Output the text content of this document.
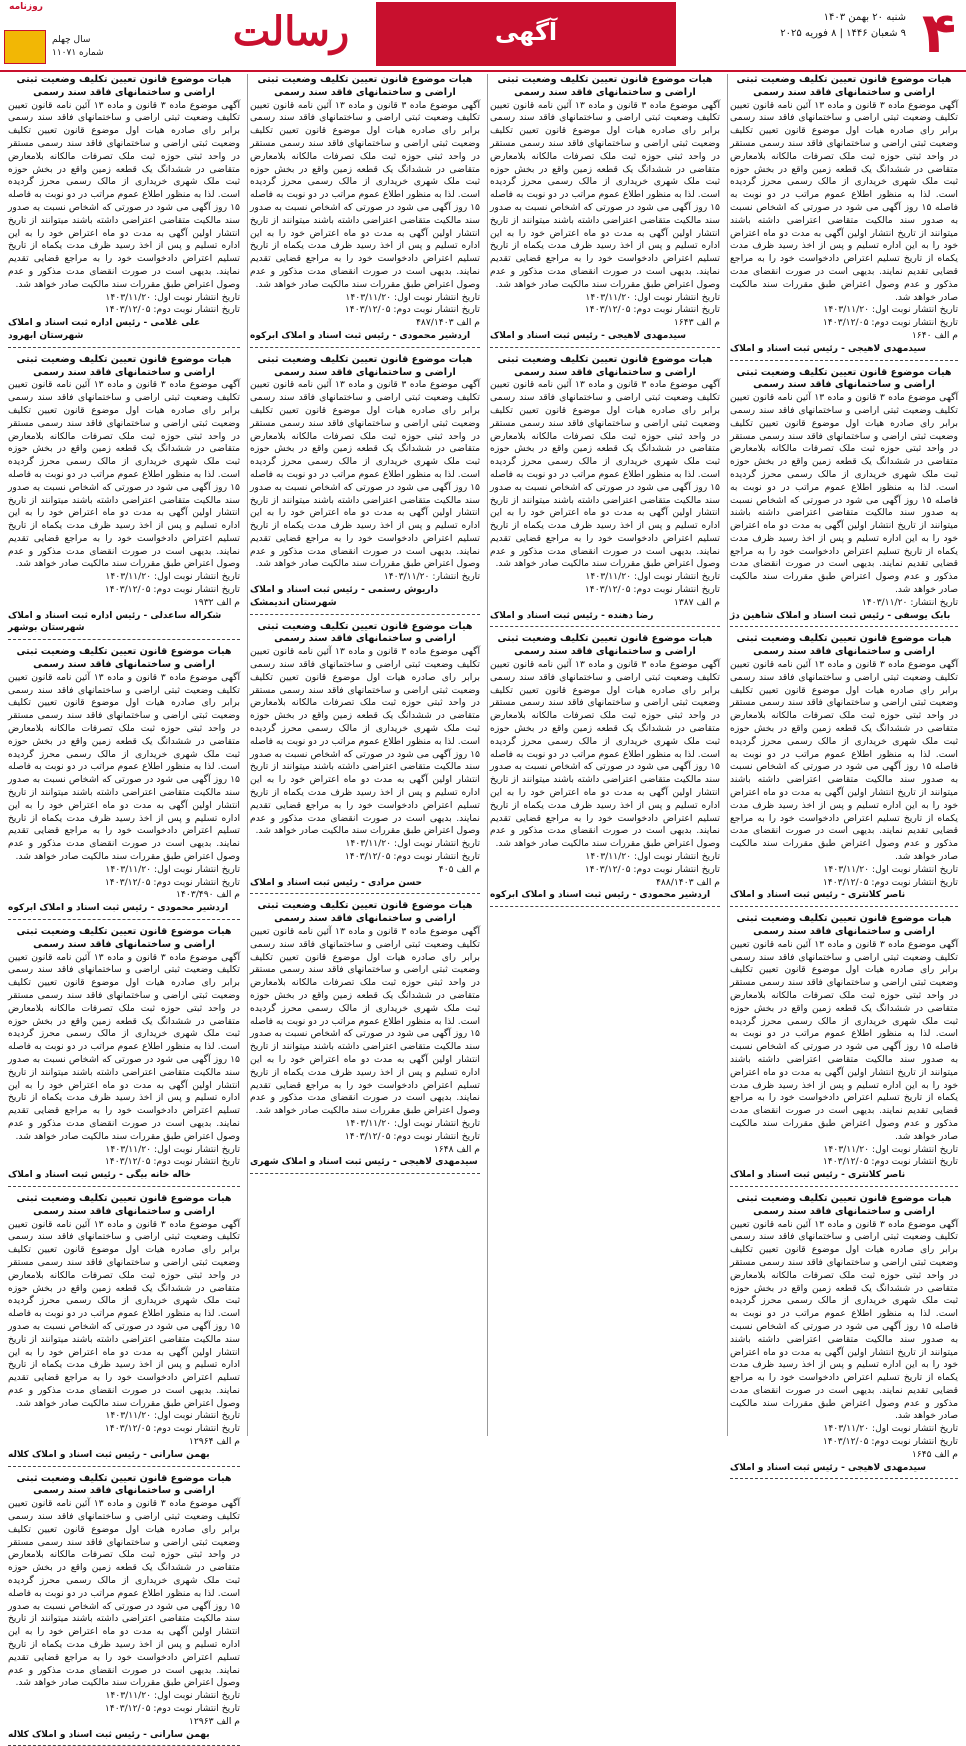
۴
شنبه ۲۰ بهمن ۱۴۰۳
۹ شعبان ۱۴۴۶ | ۸ فوریه ۲۰۲۵
آگهی
رسالت
روزنامه
سال چهلم
شماره ۱۱۰۷۱
هیات موضوع قانون تعیین تکلیف وضعیت ثبتی اراضی و ساختمانهای فاقد سند رسمی
آگهی موضوع ماده ۳ قانون و ماده ۱۳ آئین نامه قانون تعیین تکلیف وضعیت ثبتی اراضی و ساختمانهای فاقد سند رسمی برابر رای صادره هیات اول موضوع قانون تعیین تکلیف وضعیت ثبتی اراضی و ساختمانهای فاقد سند رسمی مستقر در واحد ثبتی حوزه ثبت ملک تصرفات مالکانه بلامعارض متقاضی در ششدانگ یک قطعه زمین واقع در بخش حوزه ثبت ملک شهری خریداری از مالک رسمی محرز گردیده است. لذا به منظور اطلاع عموم مراتب در دو نوبت به فاصله ۱۵ روز آگهی می شود در صورتی که اشخاص نسبت به صدور سند مالکیت متقاضی اعتراضی داشته باشند میتوانند از تاریخ انتشار اولین آگهی به مدت دو ماه اعتراض خود را به این اداره تسلیم و پس از اخذ رسید ظرف مدت یکماه از تاریخ تسلیم اعتراض دادخواست خود را به مراجع قضایی تقدیم نمایند. بدیهی است در صورت انقضای مدت مذکور و عدم وصول اعتراض طبق مقررات سند مالکیت صادر خواهد شد.
تاریخ انتشار نوبت اول: ۱۴۰۳/۱۱/۲۰
تاریخ انتشار نوبت دوم: ۱۴۰۳/۱۲/۰۵
م الف ۱۶۴۰
سیدمهدی لاهیجی - رئیس ثبت اسناد و املاک
هیات موضوع قانون تعیین تکلیف وضعیت ثبتی اراضی و ساختمانهای فاقد سند رسمی
آگهی موضوع ماده ۳ قانون و ماده ۱۳ آئین نامه قانون تعیین تکلیف وضعیت ثبتی اراضی و ساختمانهای فاقد سند رسمی برابر رای صادره هیات اول موضوع قانون تعیین تکلیف وضعیت ثبتی اراضی و ساختمانهای فاقد سند رسمی مستقر در واحد ثبتی حوزه ثبت ملک تصرفات مالکانه بلامعارض متقاضی در ششدانگ یک قطعه زمین واقع در بخش حوزه ثبت ملک شهری خریداری از مالک رسمی محرز گردیده است. لذا به منظور اطلاع عموم مراتب در دو نوبت به فاصله ۱۵ روز آگهی می شود در صورتی که اشخاص نسبت به صدور سند مالکیت متقاضی اعتراضی داشته باشند میتوانند از تاریخ انتشار اولین آگهی به مدت دو ماه اعتراض خود را به این اداره تسلیم و پس از اخذ رسید ظرف مدت یکماه از تاریخ تسلیم اعتراض دادخواست خود را به مراجع قضایی تقدیم نمایند. بدیهی است در صورت انقضای مدت مذکور و عدم وصول اعتراض طبق مقررات سند مالکیت صادر خواهد شد.
تاریخ انتشار: ۱۴۰۳/۱۱/۲۰
بابک یوسفی - رئیس ثبت اسناد و املاک شاهین دژ
هیات موضوع قانون تعیین تکلیف وضعیت ثبتی اراضی و ساختمانهای فاقد سند رسمی
آگهی موضوع ماده ۳ قانون و ماده ۱۳ آئین نامه قانون تعیین تکلیف وضعیت ثبتی اراضی و ساختمانهای فاقد سند رسمی برابر رای صادره هیات اول موضوع قانون تعیین تکلیف وضعیت ثبتی اراضی و ساختمانهای فاقد سند رسمی مستقر در واحد ثبتی حوزه ثبت ملک تصرفات مالکانه بلامعارض متقاضی در ششدانگ یک قطعه زمین واقع در بخش حوزه ثبت ملک شهری خریداری از مالک رسمی محرز گردیده است. لذا به منظور اطلاع عموم مراتب در دو نوبت به فاصله ۱۵ روز آگهی می شود در صورتی که اشخاص نسبت به صدور سند مالکیت متقاضی اعتراضی داشته باشند میتوانند از تاریخ انتشار اولین آگهی به مدت دو ماه اعتراض خود را به این اداره تسلیم و پس از اخذ رسید ظرف مدت یکماه از تاریخ تسلیم اعتراض دادخواست خود را به مراجع قضایی تقدیم نمایند. بدیهی است در صورت انقضای مدت مذکور و عدم وصول اعتراض طبق مقررات سند مالکیت صادر خواهد شد.
تاریخ انتشار نوبت اول: ۱۴۰۳/۱۱/۲۰
تاریخ انتشار نوبت دوم: ۱۴۰۳/۱۲/۰۵
ناصر کلانتری - رئیس ثبت اسناد و املاک
هیات موضوع قانون تعیین تکلیف وضعیت ثبتی اراضی و ساختمانهای فاقد سند رسمی
آگهی موضوع ماده ۳ قانون و ماده ۱۳ آئین نامه قانون تعیین تکلیف وضعیت ثبتی اراضی و ساختمانهای فاقد سند رسمی برابر رای صادره هیات اول موضوع قانون تعیین تکلیف وضعیت ثبتی اراضی و ساختمانهای فاقد سند رسمی مستقر در واحد ثبتی حوزه ثبت ملک تصرفات مالکانه بلامعارض متقاضی در ششدانگ یک قطعه زمین واقع در بخش حوزه ثبت ملک شهری خریداری از مالک رسمی محرز گردیده است. لذا به منظور اطلاع عموم مراتب در دو نوبت به فاصله ۱۵ روز آگهی می شود در صورتی که اشخاص نسبت به صدور سند مالکیت متقاضی اعتراضی داشته باشند میتوانند از تاریخ انتشار اولین آگهی به مدت دو ماه اعتراض خود را به این اداره تسلیم و پس از اخذ رسید ظرف مدت یکماه از تاریخ تسلیم اعتراض دادخواست خود را به مراجع قضایی تقدیم نمایند. بدیهی است در صورت انقضای مدت مذکور و عدم وصول اعتراض طبق مقررات سند مالکیت صادر خواهد شد.
تاریخ انتشار نوبت اول: ۱۴۰۳/۱۱/۲۰
تاریخ انتشار نوبت دوم: ۱۴۰۳/۱۲/۰۵
ناصر کلانتری - رئیس ثبت اسناد و املاک
هیات موضوع قانون تعیین تکلیف وضعیت ثبتی اراضی و ساختمانهای فاقد سند رسمی
آگهی موضوع ماده ۳ قانون و ماده ۱۳ آئین نامه قانون تعیین تکلیف وضعیت ثبتی اراضی و ساختمانهای فاقد سند رسمی برابر رای صادره هیات اول موضوع قانون تعیین تکلیف وضعیت ثبتی اراضی و ساختمانهای فاقد سند رسمی مستقر در واحد ثبتی حوزه ثبت ملک تصرفات مالکانه بلامعارض متقاضی در ششدانگ یک قطعه زمین واقع در بخش حوزه ثبت ملک شهری خریداری از مالک رسمی محرز گردیده است. لذا به منظور اطلاع عموم مراتب در دو نوبت به فاصله ۱۵ روز آگهی می شود در صورتی که اشخاص نسبت به صدور سند مالکیت متقاضی اعتراضی داشته باشند میتوانند از تاریخ انتشار اولین آگهی به مدت دو ماه اعتراض خود را به این اداره تسلیم و پس از اخذ رسید ظرف مدت یکماه از تاریخ تسلیم اعتراض دادخواست خود را به مراجع قضایی تقدیم نمایند. بدیهی است در صورت انقضای مدت مذکور و عدم وصول اعتراض طبق مقررات سند مالکیت صادر خواهد شد.
تاریخ انتشار نوبت اول: ۱۴۰۳/۱۱/۲۰
تاریخ انتشار نوبت دوم: ۱۴۰۳/۱۲/۰۵
م الف ۱۶۴۵
سیدمهدی لاهیجی - رئیس ثبت اسناد و املاک
هیات موضوع قانون تعیین تکلیف وضعیت ثبتی اراضی و ساختمانهای فاقد سند رسمی
آگهی موضوع ماده ۳ قانون و ماده ۱۳ آئین نامه قانون تعیین تکلیف وضعیت ثبتی اراضی و ساختمانهای فاقد سند رسمی برابر رای صادره هیات اول موضوع قانون تعیین تکلیف وضعیت ثبتی اراضی و ساختمانهای فاقد سند رسمی مستقر در واحد ثبتی حوزه ثبت ملک تصرفات مالکانه بلامعارض متقاضی در ششدانگ یک قطعه زمین واقع در بخش حوزه ثبت ملک شهری خریداری از مالک رسمی محرز گردیده است. لذا به منظور اطلاع عموم مراتب در دو نوبت به فاصله ۱۵ روز آگهی می شود در صورتی که اشخاص نسبت به صدور سند مالکیت متقاضی اعتراضی داشته باشند میتوانند از تاریخ انتشار اولین آگهی به مدت دو ماه اعتراض خود را به این اداره تسلیم و پس از اخذ رسید ظرف مدت یکماه از تاریخ تسلیم اعتراض دادخواست خود را به مراجع قضایی تقدیم نمایند. بدیهی است در صورت انقضای مدت مذکور و عدم وصول اعتراض طبق مقررات سند مالکیت صادر خواهد شد.
تاریخ انتشار نوبت اول: ۱۴۰۳/۱۱/۲۰
تاریخ انتشار نوبت دوم: ۱۴۰۳/۱۲/۰۵
م الف ۱۶۴۳
سیدمهدی لاهیجی - رئیس ثبت اسناد و املاک
هیات موضوع قانون تعیین تکلیف وضعیت ثبتی اراضی و ساختمانهای فاقد سند رسمی
آگهی موضوع ماده ۳ قانون و ماده ۱۳ آئین نامه قانون تعیین تکلیف وضعیت ثبتی اراضی و ساختمانهای فاقد سند رسمی برابر رای صادره هیات اول موضوع قانون تعیین تکلیف وضعیت ثبتی اراضی و ساختمانهای فاقد سند رسمی مستقر در واحد ثبتی حوزه ثبت ملک تصرفات مالکانه بلامعارض متقاضی در ششدانگ یک قطعه زمین واقع در بخش حوزه ثبت ملک شهری خریداری از مالک رسمی محرز گردیده است. لذا به منظور اطلاع عموم مراتب در دو نوبت به فاصله ۱۵ روز آگهی می شود در صورتی که اشخاص نسبت به صدور سند مالکیت متقاضی اعتراضی داشته باشند میتوانند از تاریخ انتشار اولین آگهی به مدت دو ماه اعتراض خود را به این اداره تسلیم و پس از اخذ رسید ظرف مدت یکماه از تاریخ تسلیم اعتراض دادخواست خود را به مراجع قضایی تقدیم نمایند. بدیهی است در صورت انقضای مدت مذکور و عدم وصول اعتراض طبق مقررات سند مالکیت صادر خواهد شد.
تاریخ انتشار نوبت اول: ۱۴۰۳/۱۱/۲۰
تاریخ انتشار نوبت دوم: ۱۴۰۳/۱۲/۰۵
م الف ۱۳۸۷
رضا دهنده - رئیس ثبت اسناد و املاک
هیات موضوع قانون تعیین تکلیف وضعیت ثبتی اراضی و ساختمانهای فاقد سند رسمی
آگهی موضوع ماده ۳ قانون و ماده ۱۳ آئین نامه قانون تعیین تکلیف وضعیت ثبتی اراضی و ساختمانهای فاقد سند رسمی برابر رای صادره هیات اول موضوع قانون تعیین تکلیف وضعیت ثبتی اراضی و ساختمانهای فاقد سند رسمی مستقر در واحد ثبتی حوزه ثبت ملک تصرفات مالکانه بلامعارض متقاضی در ششدانگ یک قطعه زمین واقع در بخش حوزه ثبت ملک شهری خریداری از مالک رسمی محرز گردیده است. لذا به منظور اطلاع عموم مراتب در دو نوبت به فاصله ۱۵ روز آگهی می شود در صورتی که اشخاص نسبت به صدور سند مالکیت متقاضی اعتراضی داشته باشند میتوانند از تاریخ انتشار اولین آگهی به مدت دو ماه اعتراض خود را به این اداره تسلیم و پس از اخذ رسید ظرف مدت یکماه از تاریخ تسلیم اعتراض دادخواست خود را به مراجع قضایی تقدیم نمایند. بدیهی است در صورت انقضای مدت مذکور و عدم وصول اعتراض طبق مقررات سند مالکیت صادر خواهد شد.
تاریخ انتشار نوبت اول: ۱۴۰۳/۱۱/۲۰
تاریخ انتشار نوبت دوم: ۱۴۰۳/۱۲/۰۵
م الف ۴۸۸/۱۴۰۳
اردشیر محمودی - رئیس ثبت اسناد و املاک ابرکوه
هیات موضوع قانون تعیین تکلیف وضعیت ثبتی اراضی و ساختمانهای فاقد سند رسمی
آگهی موضوع ماده ۳ قانون و ماده ۱۳ آئین نامه قانون تعیین تکلیف وضعیت ثبتی اراضی و ساختمانهای فاقد سند رسمی برابر رای صادره هیات اول موضوع قانون تعیین تکلیف وضعیت ثبتی اراضی و ساختمانهای فاقد سند رسمی مستقر در واحد ثبتی حوزه ثبت ملک تصرفات مالکانه بلامعارض متقاضی در ششدانگ یک قطعه زمین واقع در بخش حوزه ثبت ملک شهری خریداری از مالک رسمی محرز گردیده است. لذا به منظور اطلاع عموم مراتب در دو نوبت به فاصله ۱۵ روز آگهی می شود در صورتی که اشخاص نسبت به صدور سند مالکیت متقاضی اعتراضی داشته باشند میتوانند از تاریخ انتشار اولین آگهی به مدت دو ماه اعتراض خود را به این اداره تسلیم و پس از اخذ رسید ظرف مدت یکماه از تاریخ تسلیم اعتراض دادخواست خود را به مراجع قضایی تقدیم نمایند. بدیهی است در صورت انقضای مدت مذکور و عدم وصول اعتراض طبق مقررات سند مالکیت صادر خواهد شد.
تاریخ انتشار نوبت اول: ۱۴۰۳/۱۱/۲۰
تاریخ انتشار نوبت دوم: ۱۴۰۳/۱۲/۰۵
م الف ۴۸۷/۱۴۰۳
اردشیر محمودی - رئیس ثبت اسناد و املاک ابرکوه
هیات موضوع قانون تعیین تکلیف وضعیت ثبتی اراضی و ساختمانهای فاقد سند رسمی
آگهی موضوع ماده ۳ قانون و ماده ۱۳ آئین نامه قانون تعیین تکلیف وضعیت ثبتی اراضی و ساختمانهای فاقد سند رسمی برابر رای صادره هیات اول موضوع قانون تعیین تکلیف وضعیت ثبتی اراضی و ساختمانهای فاقد سند رسمی مستقر در واحد ثبتی حوزه ثبت ملک تصرفات مالکانه بلامعارض متقاضی در ششدانگ یک قطعه زمین واقع در بخش حوزه ثبت ملک شهری خریداری از مالک رسمی محرز گردیده است. لذا به منظور اطلاع عموم مراتب در دو نوبت به فاصله ۱۵ روز آگهی می شود در صورتی که اشخاص نسبت به صدور سند مالکیت متقاضی اعتراضی داشته باشند میتوانند از تاریخ انتشار اولین آگهی به مدت دو ماه اعتراض خود را به این اداره تسلیم و پس از اخذ رسید ظرف مدت یکماه از تاریخ تسلیم اعتراض دادخواست خود را به مراجع قضایی تقدیم نمایند. بدیهی است در صورت انقضای مدت مذکور و عدم وصول اعتراض طبق مقررات سند مالکیت صادر خواهد شد.
تاریخ انتشار: ۱۴۰۳/۱۱/۲۰
داریوش رستمی - رئیس ثبت اسناد و املاک شهرستان اندیمشک
هیات موضوع قانون تعیین تکلیف وضعیت ثبتی اراضی و ساختمانهای فاقد سند رسمی
آگهی موضوع ماده ۳ قانون و ماده ۱۳ آئین نامه قانون تعیین تکلیف وضعیت ثبتی اراضی و ساختمانهای فاقد سند رسمی برابر رای صادره هیات اول موضوع قانون تعیین تکلیف وضعیت ثبتی اراضی و ساختمانهای فاقد سند رسمی مستقر در واحد ثبتی حوزه ثبت ملک تصرفات مالکانه بلامعارض متقاضی در ششدانگ یک قطعه زمین واقع در بخش حوزه ثبت ملک شهری خریداری از مالک رسمی محرز گردیده است. لذا به منظور اطلاع عموم مراتب در دو نوبت به فاصله ۱۵ روز آگهی می شود در صورتی که اشخاص نسبت به صدور سند مالکیت متقاضی اعتراضی داشته باشند میتوانند از تاریخ انتشار اولین آگهی به مدت دو ماه اعتراض خود را به این اداره تسلیم و پس از اخذ رسید ظرف مدت یکماه از تاریخ تسلیم اعتراض دادخواست خود را به مراجع قضایی تقدیم نمایند. بدیهی است در صورت انقضای مدت مذکور و عدم وصول اعتراض طبق مقررات سند مالکیت صادر خواهد شد.
تاریخ انتشار نوبت اول: ۱۴۰۳/۱۱/۲۰
تاریخ انتشار نوبت دوم: ۱۴۰۳/۱۲/۰۵
م الف ۴۰۵
حسن مرادی - رئیس ثبت اسناد و املاک
هیات موضوع قانون تعیین تکلیف وضعیت ثبتی اراضی و ساختمانهای فاقد سند رسمی
آگهی موضوع ماده ۳ قانون و ماده ۱۳ آئین نامه قانون تعیین تکلیف وضعیت ثبتی اراضی و ساختمانهای فاقد سند رسمی برابر رای صادره هیات اول موضوع قانون تعیین تکلیف وضعیت ثبتی اراضی و ساختمانهای فاقد سند رسمی مستقر در واحد ثبتی حوزه ثبت ملک تصرفات مالکانه بلامعارض متقاضی در ششدانگ یک قطعه زمین واقع در بخش حوزه ثبت ملک شهری خریداری از مالک رسمی محرز گردیده است. لذا به منظور اطلاع عموم مراتب در دو نوبت به فاصله ۱۵ روز آگهی می شود در صورتی که اشخاص نسبت به صدور سند مالکیت متقاضی اعتراضی داشته باشند میتوانند از تاریخ انتشار اولین آگهی به مدت دو ماه اعتراض خود را به این اداره تسلیم و پس از اخذ رسید ظرف مدت یکماه از تاریخ تسلیم اعتراض دادخواست خود را به مراجع قضایی تقدیم نمایند. بدیهی است در صورت انقضای مدت مذکور و عدم وصول اعتراض طبق مقررات سند مالکیت صادر خواهد شد.
تاریخ انتشار نوبت اول: ۱۴۰۳/۱۱/۲۰
تاریخ انتشار نوبت دوم: ۱۴۰۳/۱۲/۰۵
م الف ۱۶۴۸
سیدمهدی لاهیجی - رئیس ثبت اسناد و املاک شهری
هیات موضوع قانون تعیین تکلیف وضعیت ثبتی اراضی و ساختمانهای فاقد سند رسمی
آگهی موضوع ماده ۳ قانون و ماده ۱۳ آئین نامه قانون تعیین تکلیف وضعیت ثبتی اراضی و ساختمانهای فاقد سند رسمی برابر رای صادره هیات اول موضوع قانون تعیین تکلیف وضعیت ثبتی اراضی و ساختمانهای فاقد سند رسمی مستقر در واحد ثبتی حوزه ثبت ملک تصرفات مالکانه بلامعارض متقاضی در ششدانگ یک قطعه زمین واقع در بخش حوزه ثبت ملک شهری خریداری از مالک رسمی محرز گردیده است. لذا به منظور اطلاع عموم مراتب در دو نوبت به فاصله ۱۵ روز آگهی می شود در صورتی که اشخاص نسبت به صدور سند مالکیت متقاضی اعتراضی داشته باشند میتوانند از تاریخ انتشار اولین آگهی به مدت دو ماه اعتراض خود را به این اداره تسلیم و پس از اخذ رسید ظرف مدت یکماه از تاریخ تسلیم اعتراض دادخواست خود را به مراجع قضایی تقدیم نمایند. بدیهی است در صورت انقضای مدت مذکور و عدم وصول اعتراض طبق مقررات سند مالکیت صادر خواهد شد.
تاریخ انتشار نوبت اول: ۱۴۰۳/۱۱/۲۰
تاریخ انتشار نوبت دوم: ۱۴۰۳/۱۲/۰۵
علی غلامی - رئیس اداره ثبت اسناد و املاک شهرستان ابهرود
هیات موضوع قانون تعیین تکلیف وضعیت ثبتی اراضی و ساختمانهای فاقد سند رسمی
آگهی موضوع ماده ۳ قانون و ماده ۱۳ آئین نامه قانون تعیین تکلیف وضعیت ثبتی اراضی و ساختمانهای فاقد سند رسمی برابر رای صادره هیات اول موضوع قانون تعیین تکلیف وضعیت ثبتی اراضی و ساختمانهای فاقد سند رسمی مستقر در واحد ثبتی حوزه ثبت ملک تصرفات مالکانه بلامعارض متقاضی در ششدانگ یک قطعه زمین واقع در بخش حوزه ثبت ملک شهری خریداری از مالک رسمی محرز گردیده است. لذا به منظور اطلاع عموم مراتب در دو نوبت به فاصله ۱۵ روز آگهی می شود در صورتی که اشخاص نسبت به صدور سند مالکیت متقاضی اعتراضی داشته باشند میتوانند از تاریخ انتشار اولین آگهی به مدت دو ماه اعتراض خود را به این اداره تسلیم و پس از اخذ رسید ظرف مدت یکماه از تاریخ تسلیم اعتراض دادخواست خود را به مراجع قضایی تقدیم نمایند. بدیهی است در صورت انقضای مدت مذکور و عدم وصول اعتراض طبق مقررات سند مالکیت صادر خواهد شد.
تاریخ انتشار نوبت اول: ۱۴۰۳/۱۱/۲۰
تاریخ انتشار نوبت دوم: ۱۴۰۳/۱۲/۰۵
م الف ۱۹۳۲
شکراله ساعدلی - رئیس اداره ثبت اسناد و املاک شهرستان بوشهر
هیات موضوع قانون تعیین تکلیف وضعیت ثبتی اراضی و ساختمانهای فاقد سند رسمی
آگهی موضوع ماده ۳ قانون و ماده ۱۳ آئین نامه قانون تعیین تکلیف وضعیت ثبتی اراضی و ساختمانهای فاقد سند رسمی برابر رای صادره هیات اول موضوع قانون تعیین تکلیف وضعیت ثبتی اراضی و ساختمانهای فاقد سند رسمی مستقر در واحد ثبتی حوزه ثبت ملک تصرفات مالکانه بلامعارض متقاضی در ششدانگ یک قطعه زمین واقع در بخش حوزه ثبت ملک شهری خریداری از مالک رسمی محرز گردیده است. لذا به منظور اطلاع عموم مراتب در دو نوبت به فاصله ۱۵ روز آگهی می شود در صورتی که اشخاص نسبت به صدور سند مالکیت متقاضی اعتراضی داشته باشند میتوانند از تاریخ انتشار اولین آگهی به مدت دو ماه اعتراض خود را به این اداره تسلیم و پس از اخذ رسید ظرف مدت یکماه از تاریخ تسلیم اعتراض دادخواست خود را به مراجع قضایی تقدیم نمایند. بدیهی است در صورت انقضای مدت مذکور و عدم وصول اعتراض طبق مقررات سند مالکیت صادر خواهد شد.
تاریخ انتشار نوبت اول: ۱۴۰۳/۱۱/۲۰
تاریخ انتشار نوبت دوم: ۱۴۰۳/۱۲/۰۵
م الف ۱۴۰۳/۴۹۰
اردشیر محمودی - رئیس ثبت اسناد و املاک ابرکوه
هیات موضوع قانون تعیین تکلیف وضعیت ثبتی اراضی و ساختمانهای فاقد سند رسمی
آگهی موضوع ماده ۳ قانون و ماده ۱۳ آئین نامه قانون تعیین تکلیف وضعیت ثبتی اراضی و ساختمانهای فاقد سند رسمی برابر رای صادره هیات اول موضوع قانون تعیین تکلیف وضعیت ثبتی اراضی و ساختمانهای فاقد سند رسمی مستقر در واحد ثبتی حوزه ثبت ملک تصرفات مالکانه بلامعارض متقاضی در ششدانگ یک قطعه زمین واقع در بخش حوزه ثبت ملک شهری خریداری از مالک رسمی محرز گردیده است. لذا به منظور اطلاع عموم مراتب در دو نوبت به فاصله ۱۵ روز آگهی می شود در صورتی که اشخاص نسبت به صدور سند مالکیت متقاضی اعتراضی داشته باشند میتوانند از تاریخ انتشار اولین آگهی به مدت دو ماه اعتراض خود را به این اداره تسلیم و پس از اخذ رسید ظرف مدت یکماه از تاریخ تسلیم اعتراض دادخواست خود را به مراجع قضایی تقدیم نمایند. بدیهی است در صورت انقضای مدت مذکور و عدم وصول اعتراض طبق مقررات سند مالکیت صادر خواهد شد.
تاریخ انتشار نوبت اول: ۱۴۰۳/۱۱/۲۰
تاریخ انتشار نوبت دوم: ۱۴۰۳/۱۲/۰۵
خاله خانه بیگی - رئیس ثبت اسناد و املاک
هیات موضوع قانون تعیین تکلیف وضعیت ثبتی اراضی و ساختمانهای فاقد سند رسمی
آگهی موضوع ماده ۳ قانون و ماده ۱۳ آئین نامه قانون تعیین تکلیف وضعیت ثبتی اراضی و ساختمانهای فاقد سند رسمی برابر رای صادره هیات اول موضوع قانون تعیین تکلیف وضعیت ثبتی اراضی و ساختمانهای فاقد سند رسمی مستقر در واحد ثبتی حوزه ثبت ملک تصرفات مالکانه بلامعارض متقاضی در ششدانگ یک قطعه زمین واقع در بخش حوزه ثبت ملک شهری خریداری از مالک رسمی محرز گردیده است. لذا به منظور اطلاع عموم مراتب در دو نوبت به فاصله ۱۵ روز آگهی می شود در صورتی که اشخاص نسبت به صدور سند مالکیت متقاضی اعتراضی داشته باشند میتوانند از تاریخ انتشار اولین آگهی به مدت دو ماه اعتراض خود را به این اداره تسلیم و پس از اخذ رسید ظرف مدت یکماه از تاریخ تسلیم اعتراض دادخواست خود را به مراجع قضایی تقدیم نمایند. بدیهی است در صورت انقضای مدت مذکور و عدم وصول اعتراض طبق مقررات سند مالکیت صادر خواهد شد.
تاریخ انتشار نوبت اول: ۱۴۰۳/۱۱/۲۰
تاریخ انتشار نوبت دوم: ۱۴۰۳/۱۲/۰۵
م الف ۱۲۹۶۴
بهمن سارانی - رئیس ثبت اسناد و املاک کلاله
هیات موضوع قانون تعیین تکلیف وضعیت ثبتی اراضی و ساختمانهای فاقد سند رسمی
آگهی موضوع ماده ۳ قانون و ماده ۱۳ آئین نامه قانون تعیین تکلیف وضعیت ثبتی اراضی و ساختمانهای فاقد سند رسمی برابر رای صادره هیات اول موضوع قانون تعیین تکلیف وضعیت ثبتی اراضی و ساختمانهای فاقد سند رسمی مستقر در واحد ثبتی حوزه ثبت ملک تصرفات مالکانه بلامعارض متقاضی در ششدانگ یک قطعه زمین واقع در بخش حوزه ثبت ملک شهری خریداری از مالک رسمی محرز گردیده است. لذا به منظور اطلاع عموم مراتب در دو نوبت به فاصله ۱۵ روز آگهی می شود در صورتی که اشخاص نسبت به صدور سند مالکیت متقاضی اعتراضی داشته باشند میتوانند از تاریخ انتشار اولین آگهی به مدت دو ماه اعتراض خود را به این اداره تسلیم و پس از اخذ رسید ظرف مدت یکماه از تاریخ تسلیم اعتراض دادخواست خود را به مراجع قضایی تقدیم نمایند. بدیهی است در صورت انقضای مدت مذکور و عدم وصول اعتراض طبق مقررات سند مالکیت صادر خواهد شد.
تاریخ انتشار نوبت اول: ۱۴۰۳/۱۱/۲۰
تاریخ انتشار نوبت دوم: ۱۴۰۳/۱۲/۰۵
م الف ۱۲۹۶۳
بهمن سارانی - رئیس ثبت اسناد و املاک کلاله
